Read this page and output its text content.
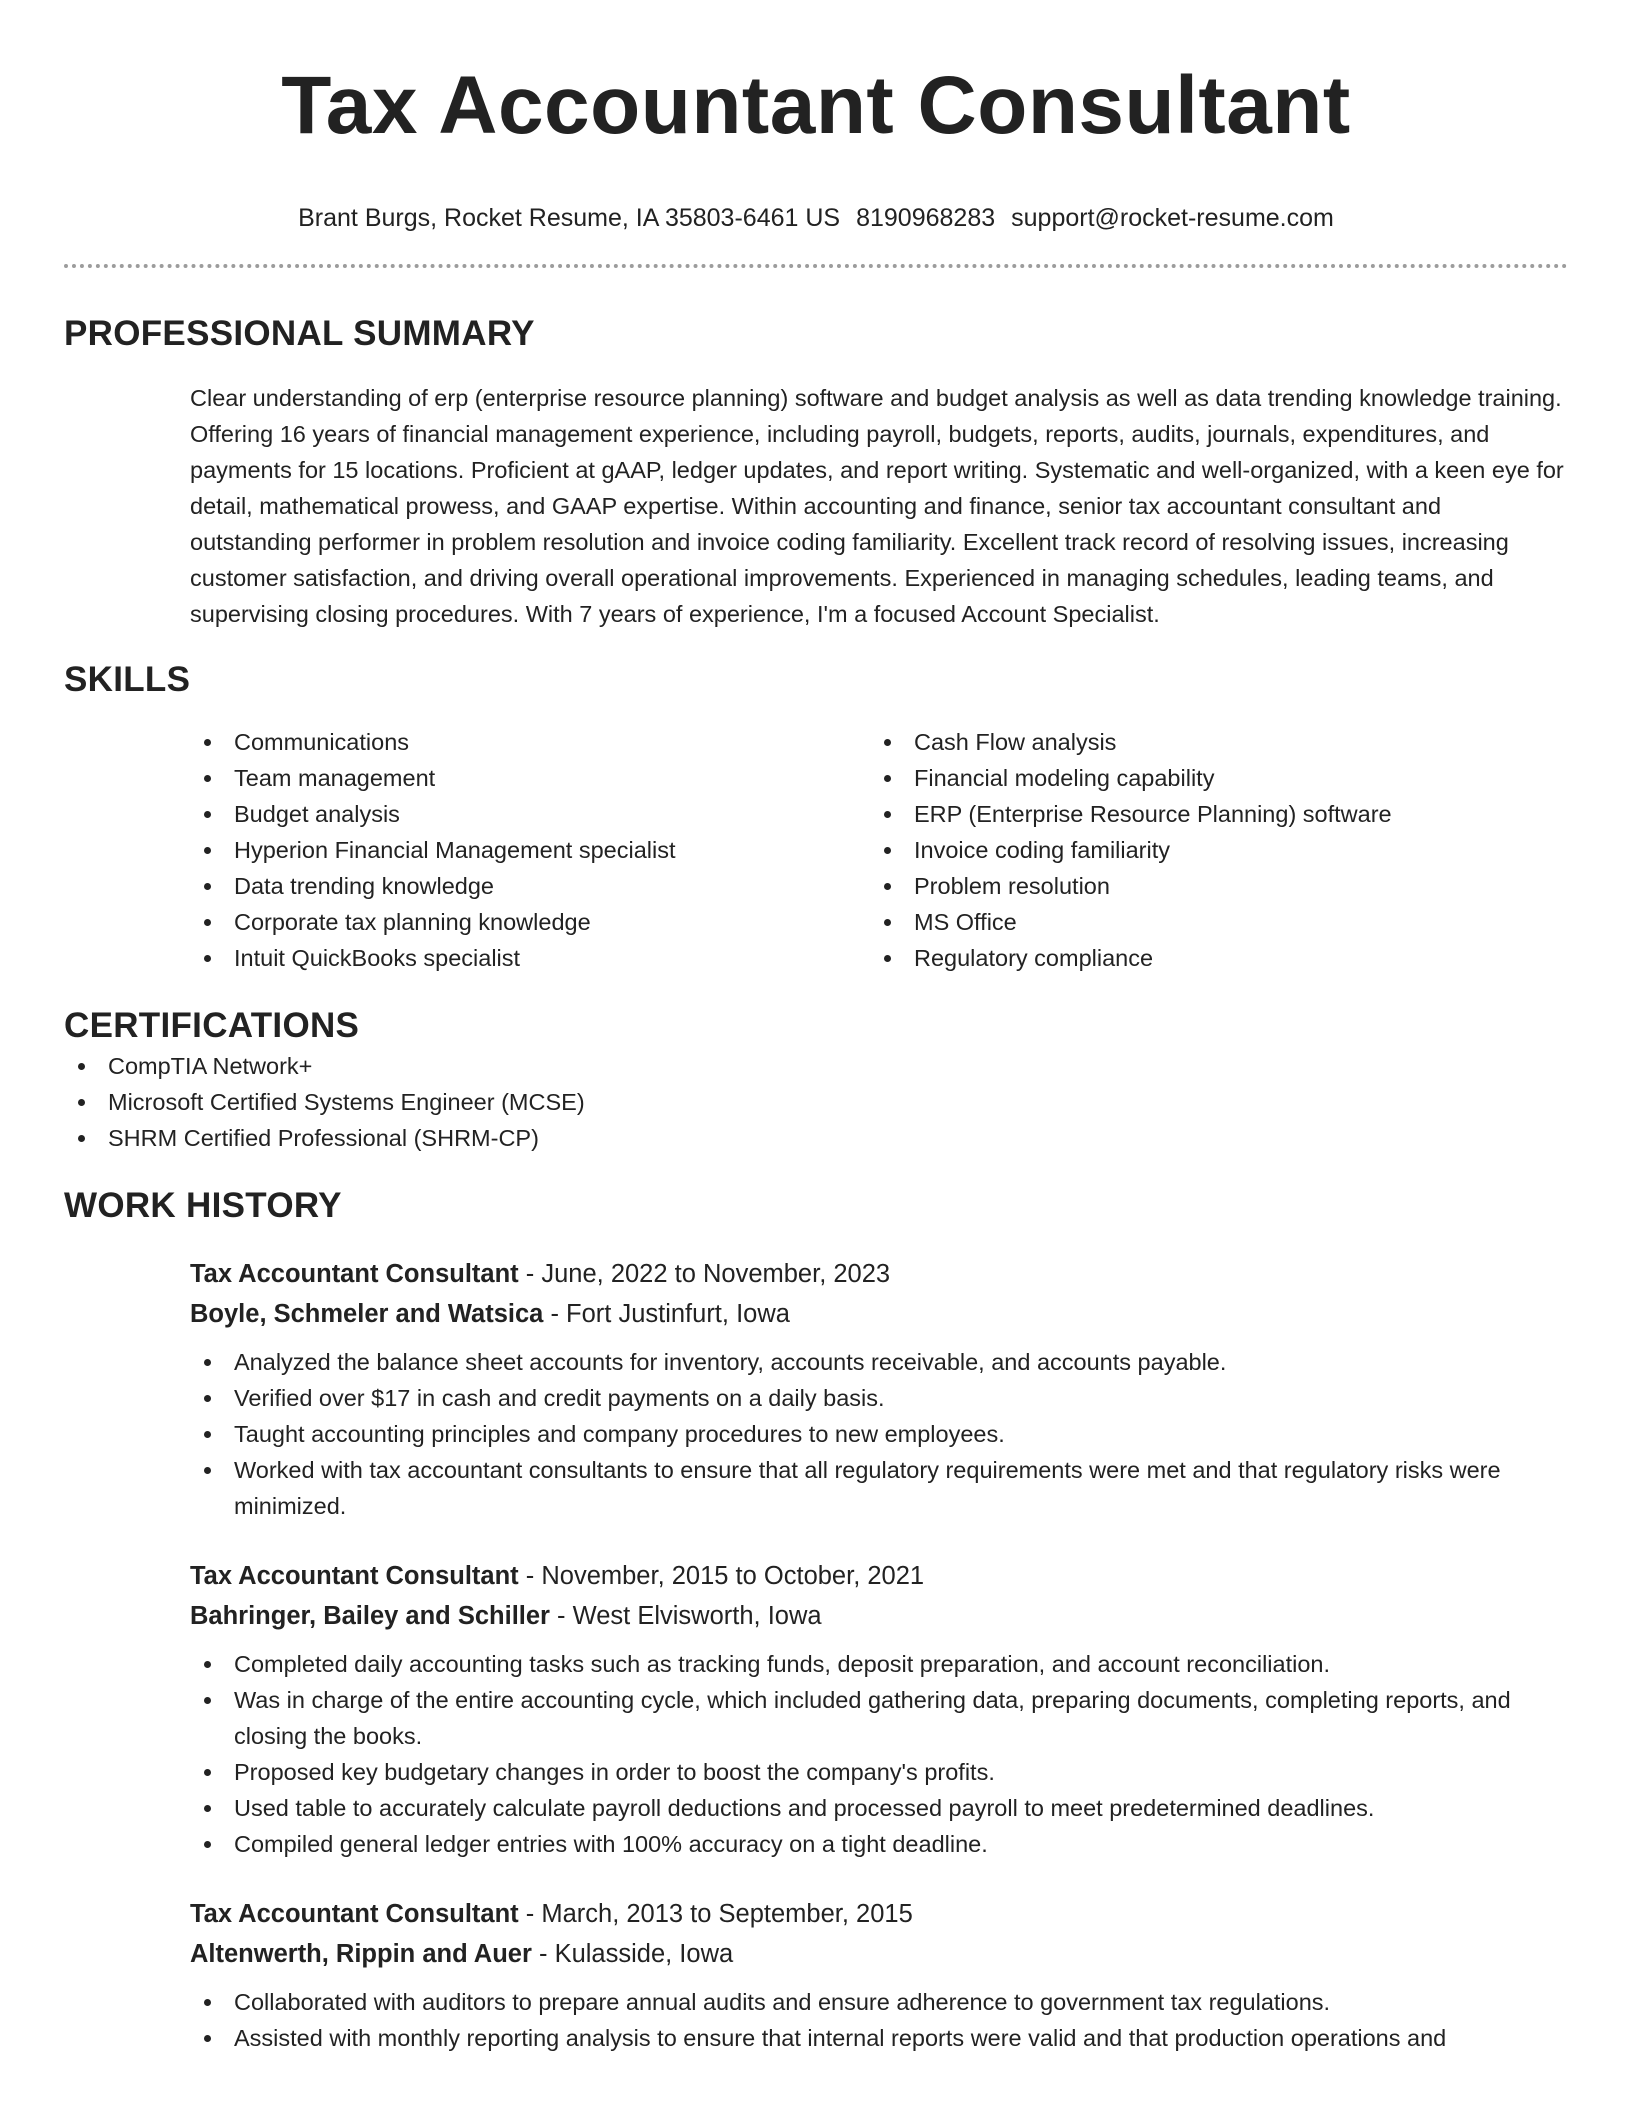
Tax Accountant Consultant
Brant Burgs, Rocket Resume, IA 35803-6461 US 8190968283 support@rocket-resume.com
PROFESSIONAL SUMMARY
Clear understanding of erp (enterprise resource planning) software and budget analysis as well as data trending knowledge training. Offering 16 years of financial management experience, including payroll, budgets, reports, audits, journals, expenditures, and payments for 15 locations. Proficient at gAAP, ledger updates, and report writing. Systematic and well-organized, with a keen eye for detail, mathematical prowess, and GAAP expertise. Within accounting and finance, senior tax accountant consultant and outstanding performer in problem resolution and invoice coding familiarity. Excellent track record of resolving issues, increasing customer satisfaction, and driving overall operational improvements. Experienced in managing schedules, leading teams, and supervising closing procedures. With 7 years of experience, I'm a focused Account Specialist.
SKILLS
Communications
Team management
Budget analysis
Hyperion Financial Management specialist
Data trending knowledge
Corporate tax planning knowledge
Intuit QuickBooks specialist
Cash Flow analysis
Financial modeling capability
ERP (Enterprise Resource Planning) software
Invoice coding familiarity
Problem resolution
MS Office
Regulatory compliance
CERTIFICATIONS
CompTIA Network+
Microsoft Certified Systems Engineer (MCSE)
SHRM Certified Professional (SHRM-CP)
WORK HISTORY
Tax Accountant Consultant - June, 2022 to November, 2023
Boyle, Schmeler and Watsica - Fort Justinfurt, Iowa
Analyzed the balance sheet accounts for inventory, accounts receivable, and accounts payable.
Verified over $17 in cash and credit payments on a daily basis.
Taught accounting principles and company procedures to new employees.
Worked with tax accountant consultants to ensure that all regulatory requirements were met and that regulatory risks were minimized.
Tax Accountant Consultant - November, 2015 to October, 2021
Bahringer, Bailey and Schiller - West Elvisworth, Iowa
Completed daily accounting tasks such as tracking funds, deposit preparation, and account reconciliation.
Was in charge of the entire accounting cycle, which included gathering data, preparing documents, completing reports, and closing the books.
Proposed key budgetary changes in order to boost the company's profits.
Used table to accurately calculate payroll deductions and processed payroll to meet predetermined deadlines.
Compiled general ledger entries with 100% accuracy on a tight deadline.
Tax Accountant Consultant - March, 2013 to September, 2015
Altenwerth, Rippin and Auer - Kulasside, Iowa
Collaborated with auditors to prepare annual audits and ensure adherence to government tax regulations.
Assisted with monthly reporting analysis to ensure that internal reports were valid and that production operations and
